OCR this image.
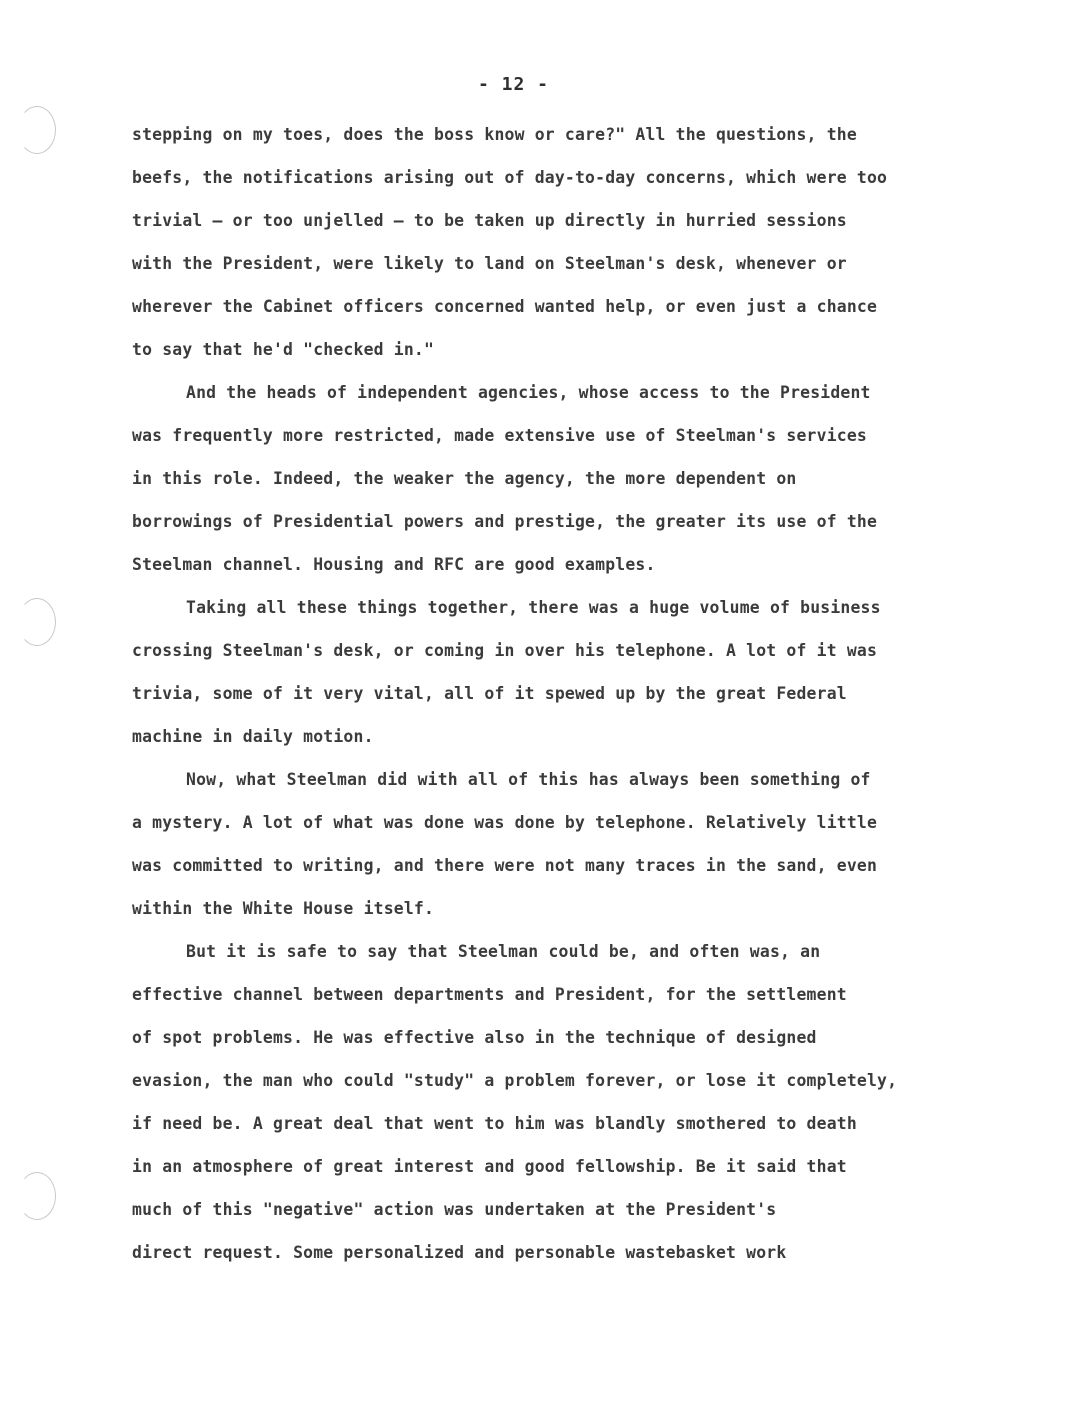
- 12 -

stepping on my toes, does the boss know or care?" All the questions, the
beefs, the notifications arising out of day-to-day concerns, which were too
trivial — or too unjelled — to be taken up directly in hurried sessions
with the President, were likely to land on Steelman's desk, whenever or
wherever the Cabinet officers concerned wanted help, or even just a chance
to say that he'd "checked in."

And the heads of independent agencies, whose access to the President
was frequently more restricted, made extensive use of Steelman's services
in this role. Indeed, the weaker the agency, the more dependent on
borrowings of Presidential powers and prestige, the greater its use of the
Steelman channel. Housing and RFC are good examples.

Taking all these things together, there was a huge volume of business
crossing Steelman's desk, or coming in over his telephone. A lot of it was
trivia, some of it very vital, all of it spewed up by the great Federal
machine in daily motion.

Now, what Steelman did with all of this has always been something of
a mystery. A lot of what was done was done by telephone. Relatively little
was committed to writing, and there were not many traces in the sand, even
within the White House itself.

But it is safe to say that Steelman could be, and often was, an
effective channel between departments and President, for the settlement
of spot problems. He was effective also in the technique of designed
evasion, the man who could "study" a problem forever, or lose it completely,
if need be. A great deal that went to him was blandly smothered to death
in an atmosphere of great interest and good fellowship. Be it said that
much of this "negative" action was undertaken at the President's
direct request. Some personalized and personable wastebasket work
